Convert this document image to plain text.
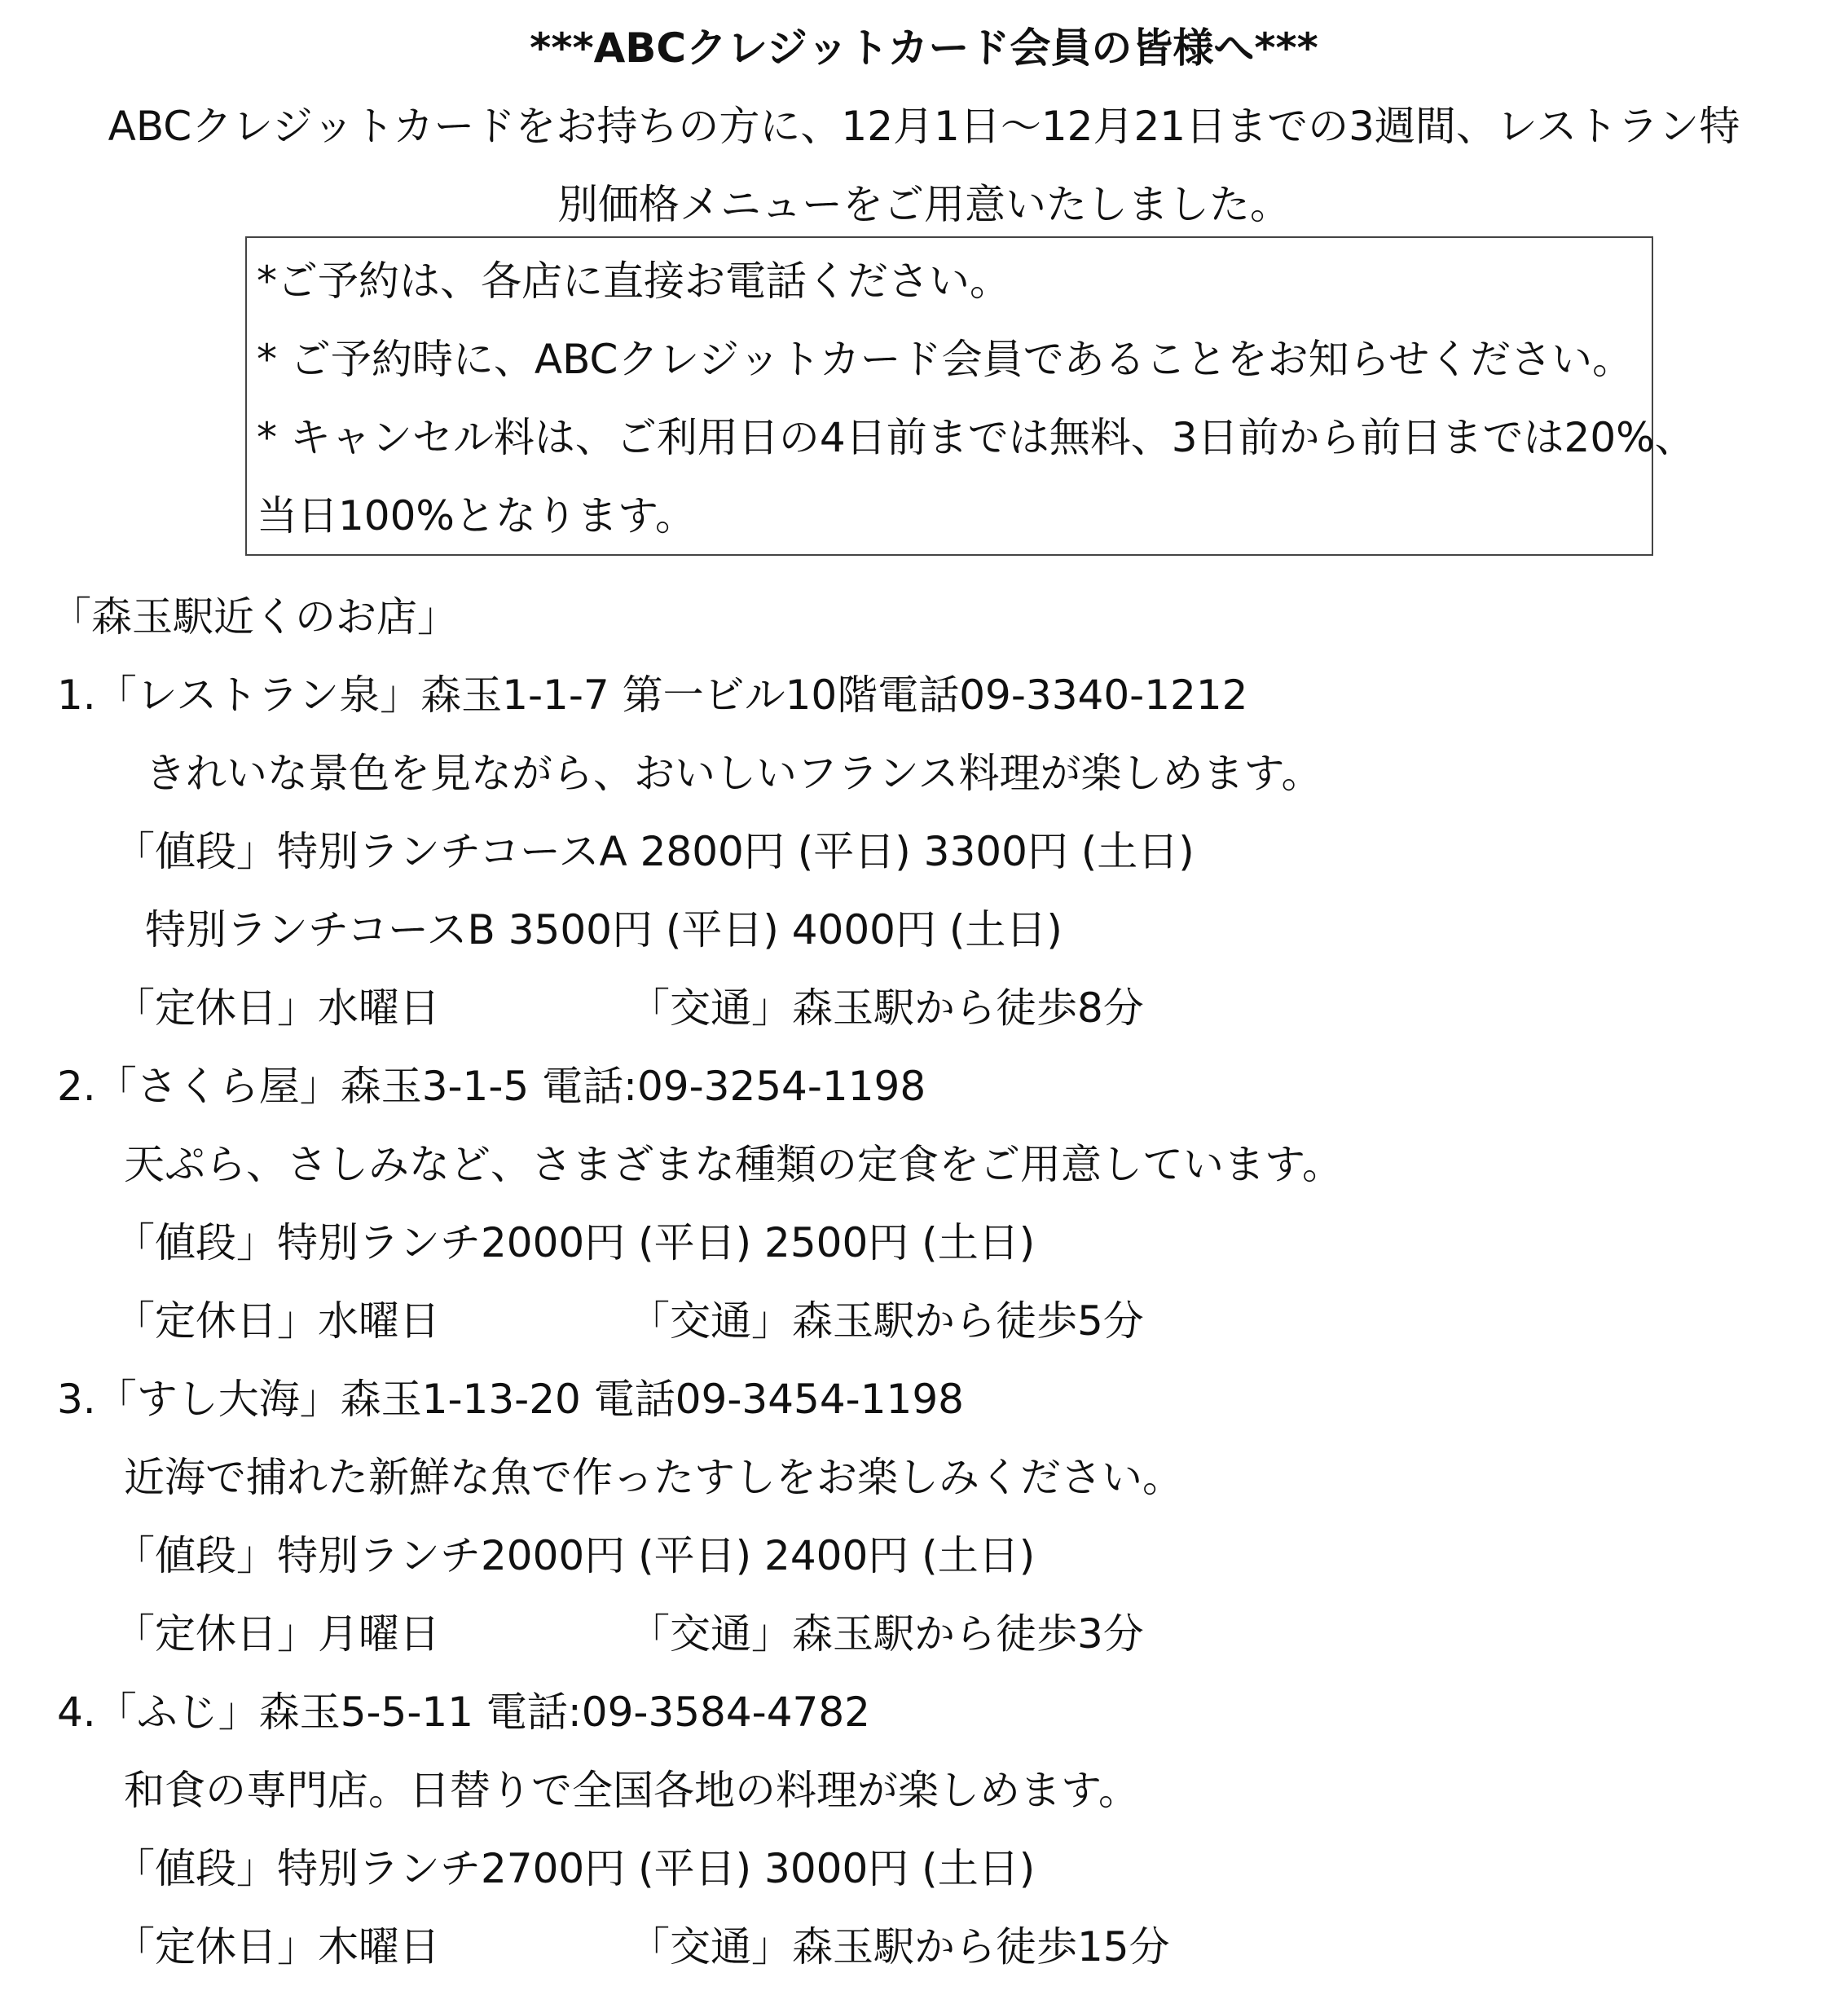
***ABCクレジットカード会員の皆様へ***
ABCクレジットカードをお持ちの方に、12月1日～12月21日までの3週間、レストラン特
別価格メニューをご用意いたしました。
*ご予約は、各店に直接お電話ください。
* ご予約時に、ABCクレジットカード会員であることをお知らせください。
* キャンセル料は、ご利用日の4日前までは無料、3日前から前日までは20%、
当日100%となります。
「森玉駅近くのお店」
1.「レストラン泉」森玉1-1-7 第一ビル10階電話09-3340-1212
きれいな景色を見ながら、おいしいフランス料理が楽しめます。
「値段」特別ランチコースA 2800円 (平日) 3300円 (土日)
特別ランチコースB 3500円 (平日) 4000円 (土日)
「定休日」水曜日	「交通」森玉駅から徒歩8分
2.「さくら屋」森玉3-1-5 電話:09-3254-1198
天ぷら、さしみなど、さまざまな種類の定食をご用意しています。
「値段」特別ランチ2000円 (平日) 2500円 (土日)
「定休日」水曜日	「交通」森玉駅から徒歩5分
3.「すし大海」森玉1-13-20 電話09-3454-1198
近海で捕れた新鮮な魚で作ったすしをお楽しみください。
「値段」特別ランチ2000円 (平日) 2400円 (土日)
「定休日」月曜日	「交通」森玉駅から徒歩3分
4.「ふじ」森玉5-5-11 電話:09-3584-4782
和食の専門店。日替りで全国各地の料理が楽しめます。
「値段」特別ランチ2700円 (平日) 3000円 (土日)
「定休日」木曜日	「交通」森玉駅から徒歩15分
